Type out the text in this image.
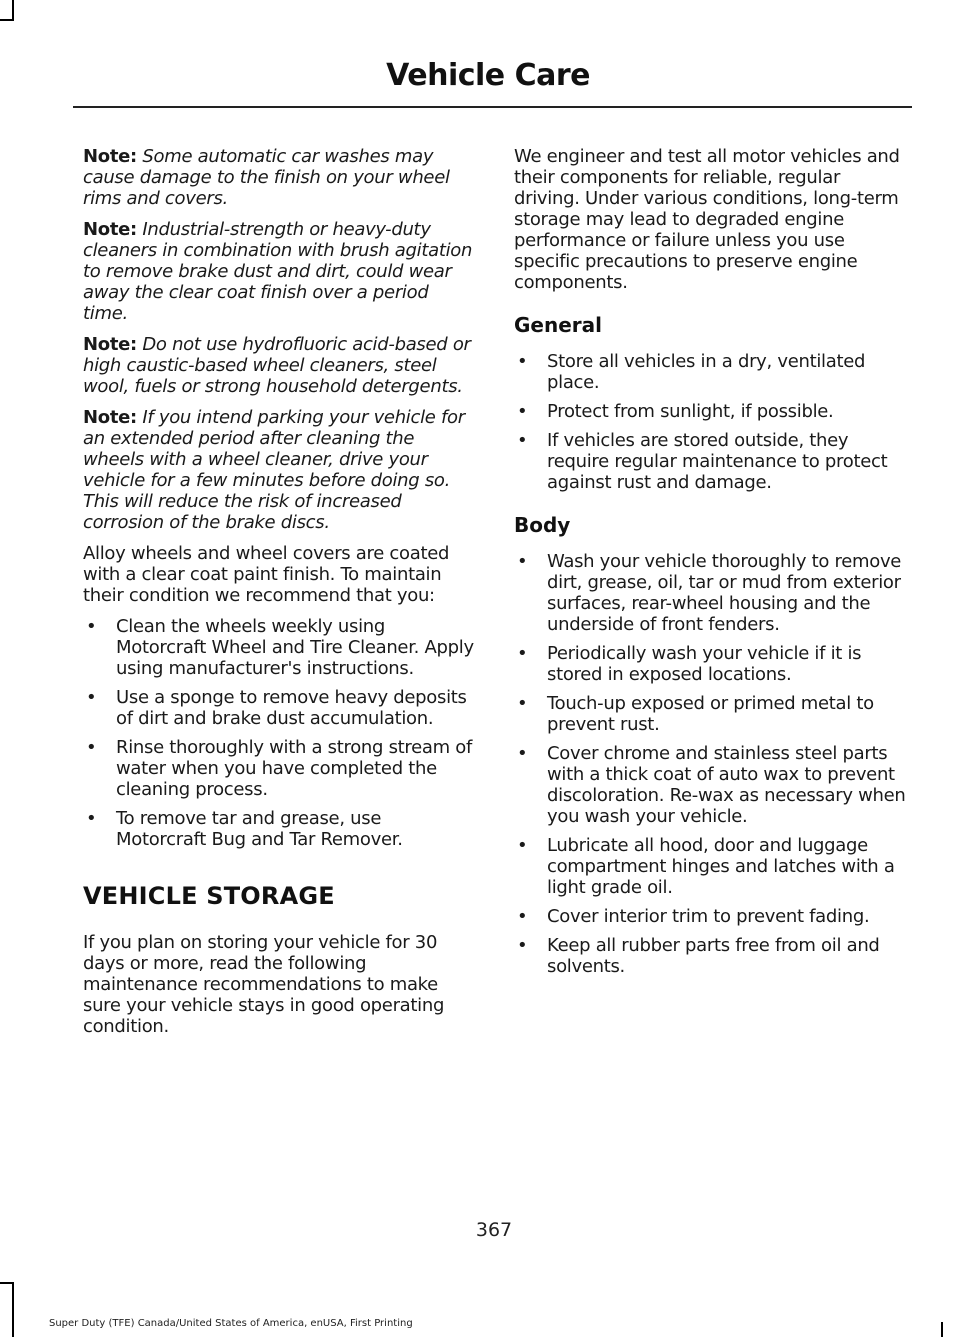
Vehicle Care

Note: Some automatic car washes may cause damage to the finish on your wheel rims and covers.

Note: Industrial-strength or heavy-duty cleaners in combination with brush agitation to remove brake dust and dirt, could wear away the clear coat finish over a period time.

Note: Do not use hydrofluoric acid-based or high caustic-based wheel cleaners, steel wool, fuels or strong household detergents.

Note: If you intend parking your vehicle for an extended period after cleaning the wheels with a wheel cleaner, drive your vehicle for a few minutes before doing so. This will reduce the risk of increased corrosion of the brake discs.

Alloy wheels and wheel covers are coated with a clear coat paint finish. To maintain their condition we recommend that you:

• Clean the wheels weekly using Motorcraft Wheel and Tire Cleaner. Apply using manufacturer's instructions.
• Use a sponge to remove heavy deposits of dirt and brake dust accumulation.
• Rinse thoroughly with a strong stream of water when you have completed the cleaning process.
• To remove tar and grease, use Motorcraft Bug and Tar Remover.
VEHICLE STORAGE

If you plan on storing your vehicle for 30 days or more, read the following maintenance recommendations to make sure your vehicle stays in good operating condition.

We engineer and test all motor vehicles and their components for reliable, regular driving. Under various conditions, long-term storage may lead to degraded engine performance or failure unless you use specific precautions to preserve engine components.

General
• Store all vehicles in a dry, ventilated place.
• Protect from sunlight, if possible.
• If vehicles are stored outside, they require regular maintenance to protect against rust and damage.
Body
• Wash your vehicle thoroughly to remove dirt, grease, oil, tar or mud from exterior surfaces, rear-wheel housing and the underside of front fenders.
• Periodically wash your vehicle if it is stored in exposed locations.
• Touch-up exposed or primed metal to prevent rust.
• Cover chrome and stainless steel parts with a thick coat of auto wax to prevent discoloration. Re-wax as necessary when you wash your vehicle.
• Lubricate all hood, door and luggage compartment hinges and latches with a light grade oil.
• Cover interior trim to prevent fading.
• Keep all rubber parts free from oil and solvents.
367
Super Duty (TFE) Canada/United States of America, enUSA, First Printing
